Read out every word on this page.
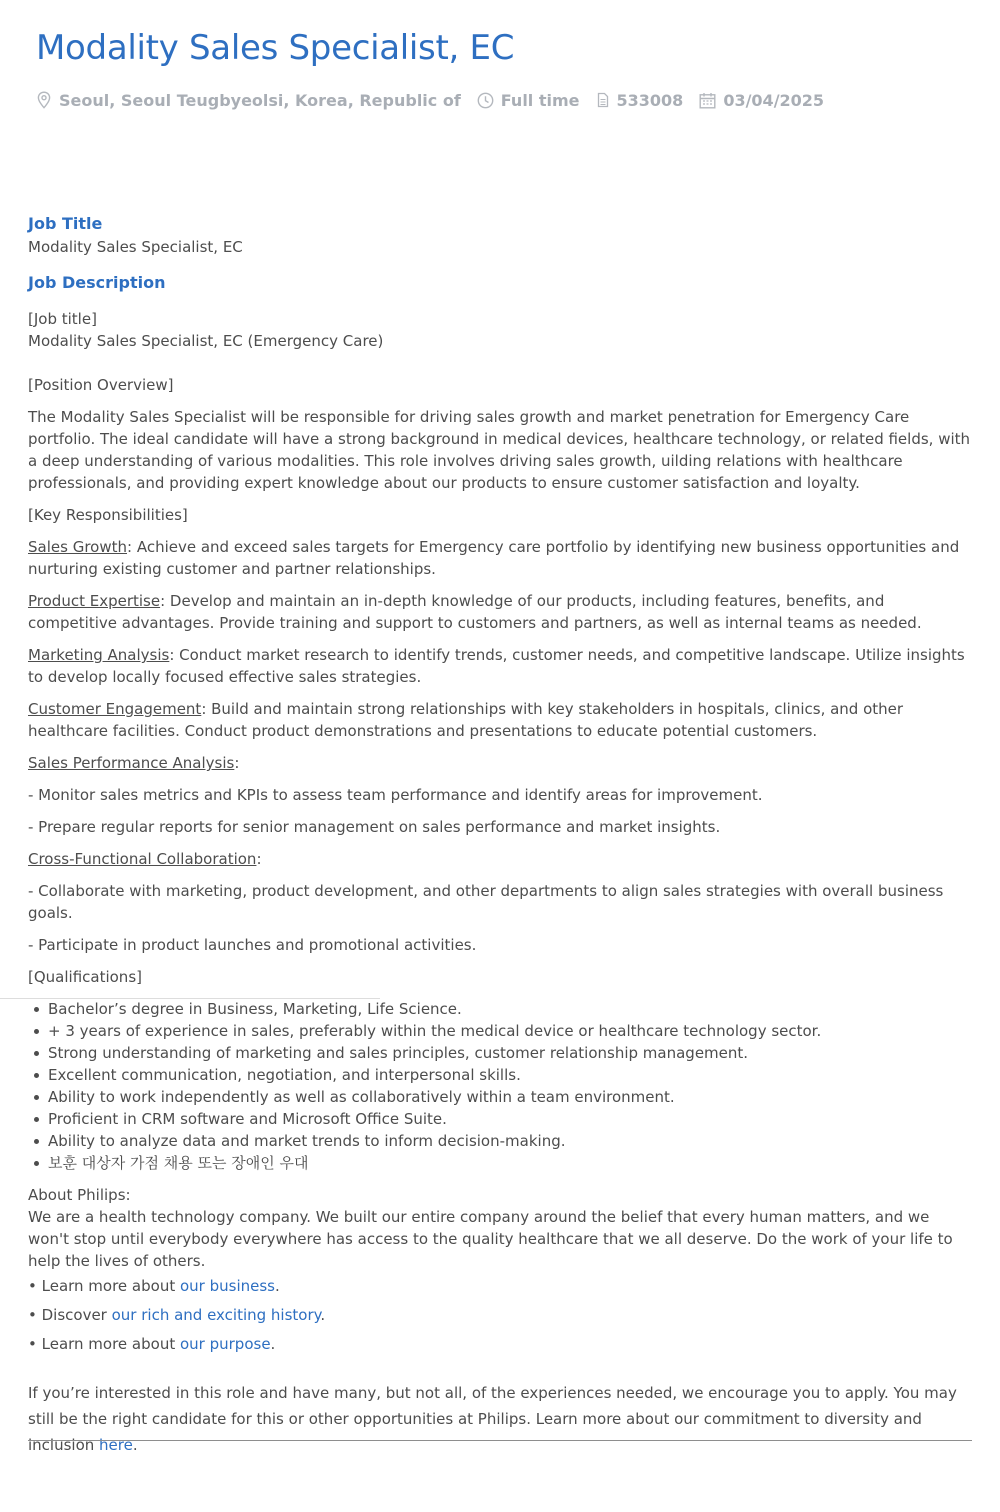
Modality Sales Specialist, EC
Seoul, Seoul Teugbyeolsi, Korea, Republic of	Full time 533008	03/04/2025
Job Title
Modality Sales Specialist, EC
Job Description
[Job title]
Modality Sales Specialist, EC (Emergency Care)
[Position Overview]
The Modality Sales Specialist will be responsible for driving sales growth and market penetration for Emergency Care portfolio. The ideal candidate will have a strong background in medical devices, healthcare technology, or related fields, with a deep understanding of various modalities. This role involves driving sales growth, uilding relations with healthcare professionals, and providing expert knowledge about our products to ensure customer satisfaction and loyalty.
[Key Responsibilities]
Sales Growth: Achieve and exceed sales targets for Emergency care portfolio by identifying new business opportunities and nurturing existing customer and partner relationships.
Product Expertise: Develop and maintain an in-depth knowledge of our products, including features, benefits, and competitive advantages. Provide training and support to customers and partners, as well as internal teams as needed.
Marketing Analysis: Conduct market research to identify trends, customer needs, and competitive landscape. Utilize insights to develop locally focused effective sales strategies.
Customer Engagement: Build and maintain strong relationships with key stakeholders in hospitals, clinics, and other healthcare facilities. Conduct product demonstrations and presentations to educate potential customers.
Sales Performance Analysis:
- Monitor sales metrics and KPIs to assess team performance and identify areas for improvement.
- Prepare regular reports for senior management on sales performance and market insights.
Cross-Functional Collaboration:
- Collaborate with marketing, product development, and other departments to align sales strategies with overall business goals.
- Participate in product launches and promotional activities.
[Qualifications]
Bachelor’s degree in Business, Marketing, Life Science.
+ 3 years of experience in sales, preferably within the medical device or healthcare technology sector.
Strong understanding of marketing and sales principles, customer relationship management.
Excellent communication, negotiation, and interpersonal skills.
Ability to work independently as well as collaboratively within a team environment.
Proficient in CRM software and Microsoft Office Suite.
Ability to analyze data and market trends to inform decision-making.
보훈 대상자 가점 채용 또는 장애인 우대
About Philips:
We are a health technology company. We built our entire company around the belief that every human matters, and we won't stop until everybody everywhere has access to the quality healthcare that we all deserve. Do the work of your life to help the lives of others.
• Learn more about our business.
• Discover our rich and exciting history.
• Learn more about our purpose.
If you’re interested in this role and have many, but not all, of the experiences needed, we encourage you to apply. You may still be the right candidate for this or other opportunities at Philips. Learn more about our commitment to diversity and inclusion here.
